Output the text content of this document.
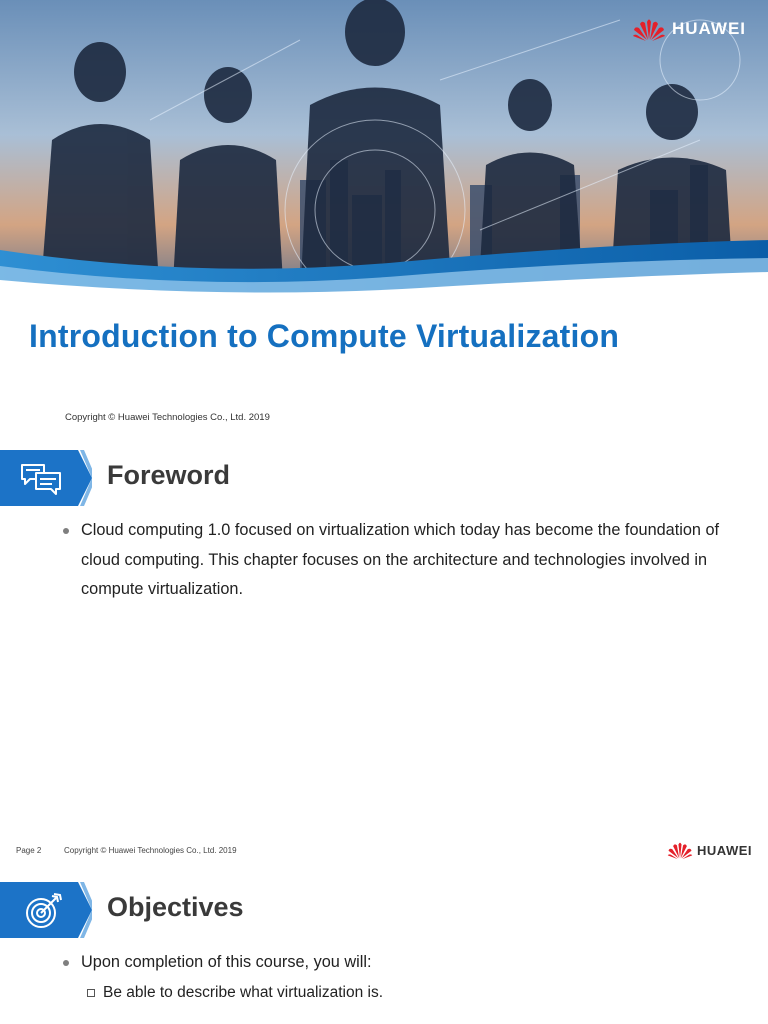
HUAWEI
Introduction to Compute Virtualization
Copyright © Huawei Technologies Co., Ltd. 2019
Foreword

Cloud computing 1.0 focused on virtualization which today has become the foundation of cloud computing. This chapter focuses on the architecture and technologies involved in compute virtualization.

Page 2	Copyright © Huawei Technologies Co., Ltd. 2019	HUAWEI
Objectives

Upon completion of this course, you will:

Be able to describe what virtualization is.
